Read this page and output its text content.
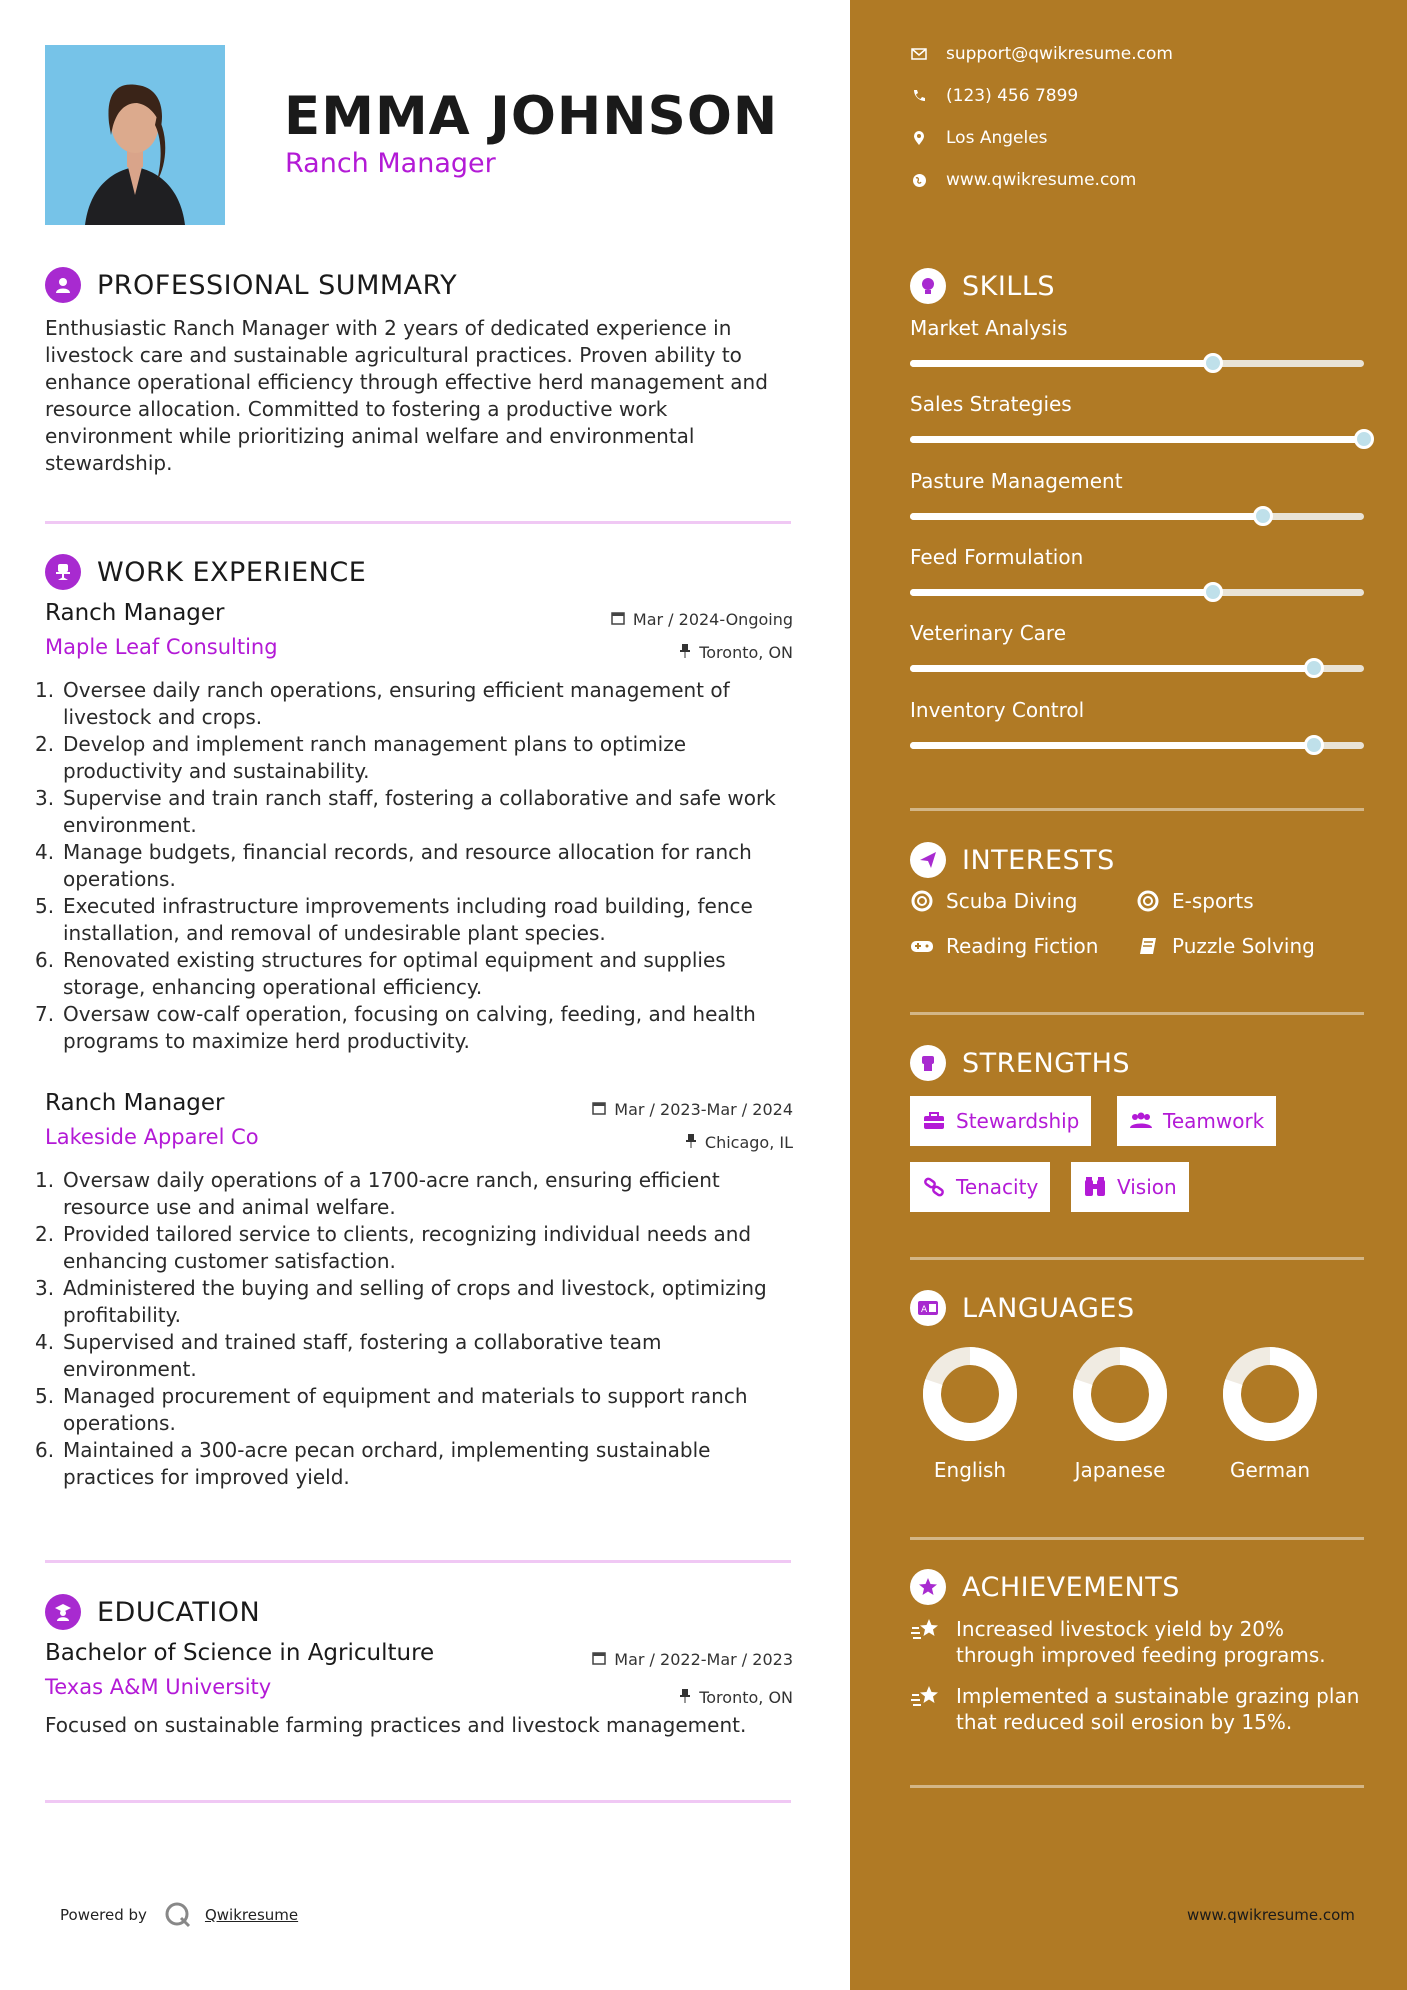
EMMA JOHNSON
Ranch Manager
PROFESSIONAL SUMMARY
Enthusiastic Ranch Manager with 2 years of dedicated experience in livestock care and sustainable agricultural practices. Proven ability to enhance operational efficiency through effective herd management and resource allocation. Committed to fostering a productive work environment while prioritizing animal welfare and environmental stewardship.
WORK EXPERIENCE
Ranch Manager	Mar / 2024-Ongoing
Maple Leaf Consulting	Toronto, ON
1. Oversee daily ranch operations, ensuring efficient management of livestock and crops.
2. Develop and implement ranch management plans to optimize productivity and sustainability.
3. Supervise and train ranch staff, fostering a collaborative and safe work environment.
4. Manage budgets, financial records, and resource allocation for ranch operations.
5. Executed infrastructure improvements including road building, fence installation, and removal of undesirable plant species.
6. Renovated existing structures for optimal equipment and supplies storage, enhancing operational efficiency.
7. Oversaw cow-calf operation, focusing on calving, feeding, and health programs to maximize herd productivity.
Ranch Manager	Mar / 2023-Mar / 2024
Lakeside Apparel Co	Chicago, IL
1. Oversaw daily operations of a 1700-acre ranch, ensuring efficient resource use and animal welfare.
2. Provided tailored service to clients, recognizing individual needs and enhancing customer satisfaction.
3. Administered the buying and selling of crops and livestock, optimizing profitability.
4. Supervised and trained staff, fostering a collaborative team environment.
5. Managed procurement of equipment and materials to support ranch operations.
6. Maintained a 300-acre pecan orchard, implementing sustainable practices for improved yield.
EDUCATION
Bachelor of Science in Agriculture	Mar / 2022-Mar / 2023
Texas A&M University	Toronto, ON
Focused on sustainable farming practices and livestock management.
Powered by	Qwikresume	www.qwikresume.com
support@qwikresume.com
(123) 456 7899
Los Angeles
www.qwikresume.com
SKILLS
Market Analysis
Sales Strategies
Pasture Management
Feed Formulation
Veterinary Care
Inventory Control
INTERESTS
Scuba Diving	E-sports
Reading Fiction	Puzzle Solving
STRENGTHS
Stewardship	Teamwork
Tenacity	Vision
A LANGUAGES
English	Japanese	German
ACHIEVEMENTS
Increased livestock yield by 20% through improved feeding programs.
Implemented a sustainable grazing plan that reduced soil erosion by 15%.
